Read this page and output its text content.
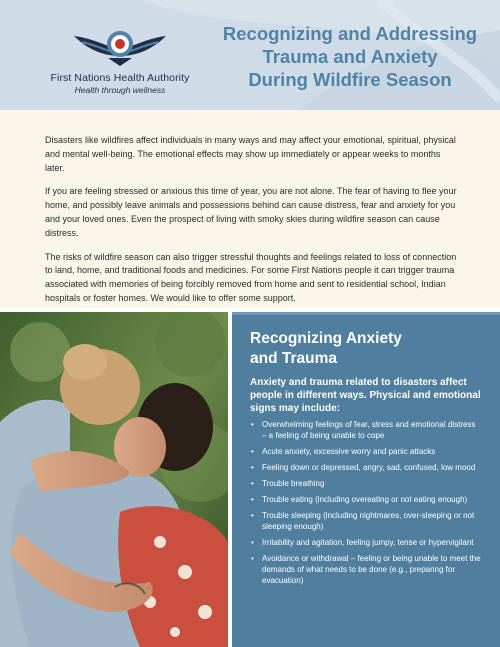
First Nations Health Authority
Health through wellness
Recognizing and Addressing
Trauma and Anxiety
During Wildfire Season

Disasters like wildfires affect individuals in many ways and may affect your emotional, spiritual, physical and mental well-being. The emotional effects may show up immediately or appear weeks to months later.

If you are feeling stressed or anxious this time of year, you are not alone. The fear of having to flee your home, and possibly leave animals and possessions behind can cause distress, fear and anxiety for you and your loved ones. Even the prospect of living with smoky skies during wildfire season can cause distress.

The risks of wildfire season can also trigger stressful thoughts and feelings related to loss of connection to land, home, and traditional foods and medicines. For some First Nations people it can trigger trauma associated with memories of being forcibly removed from home and sent to residential school, Indian hospitals or foster homes. We would like to offer some support.

Recognizing Anxiety
and Trauma
Anxiety and trauma related to disasters affect people in different ways. Physical and emotional signs may include:
• Overwhelming feelings of fear, stress and emotional distress – a feeling of being unable to cope
• Acute anxiety, excessive worry and panic attacks
• Feeling down or depressed, angry, sad, confused, low mood
• Trouble breathing
• Trouble eating (including overeating or not eating enough)
• Trouble sleeping (including nightmares, over-sleeping or not sleeping enough)
• Irritability and agitation, feeling jumpy, tense or hypervigilant
• Avoidance or withdrawal – feeling or being unable to meet the demands of what needs to be done (e.g., preparing for evacuation)
